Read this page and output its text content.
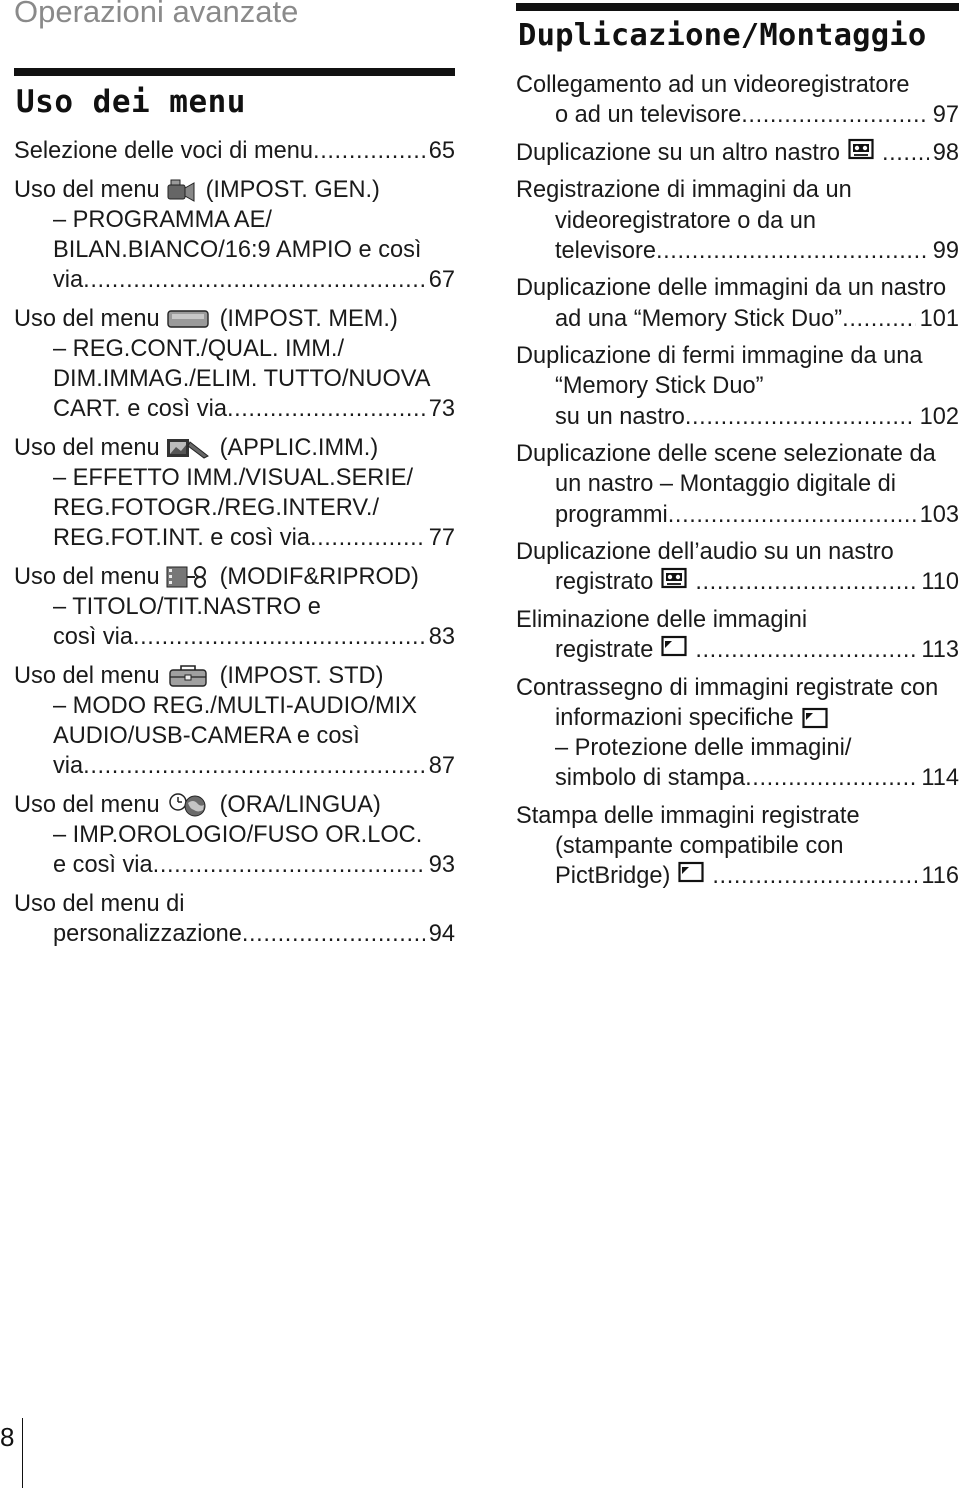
Operazioni avanzate
Uso dei menu
Selezione delle voci di menu .....	65
Uso del menu (IMPOST. GEN.)
– PROGRAMMA AE/
BILAN.BIANCO/16:9 AMPIO e così
via .....	67
Uso del menu	(IMPOST. MEM.)
– REG.CONT./QUAL. IMM./
DIM.IMMAG./ELIM. TUTTO/NUOVA
CART. e così via .....	73
Uso del menu	(APPLIC.IMM.)
– EFFETTO IMM./VISUAL.SERIE/
REG.FOTOGR./REG.INTERV./
REG.FOT.INT. e così via .....	77
Uso del menu	(MODIF&RIPROD)
– TITOLO/TIT.NASTRO e
così via .....	83
Uso del menu	(IMPOST. STD)
– MODO REG./MULTI-AUDIO/MIX
AUDIO/USB-CAMERA e così
via .....	87
Uso del menu	(ORA/LINGUA)
– IMP.OROLOGIO/FUSO OR.LOC.
e così via .....	93
Uso del menu di
personalizzazione .....	94
Duplicazione/Montaggio
Collegamento ad un videoregistratore
o ad un televisore .....	97
Duplicazione su un altro nastro .....	98
Registrazione di immagini da un
videoregistratore o da un
televisore .....	99
Duplicazione delle immagini da un nastro
ad una “Memory Stick Duo” .....	101
Duplicazione di fermi immagine da una
“Memory Stick Duo”
su un nastro .....	102
Duplicazione delle scene selezionate da
un nastro – Montaggio digitale di
programmi .....	103
Duplicazione dell’audio su un nastro
registrato .....	110
Eliminazione delle immagini
registrate .....	113
Contrassegno di immagini registrate con
informazioni specifiche
– Protezione delle immagini/
simbolo di stampa .....	114
Stampa delle immagini registrate
(stampante compatibile con
PictBridge) .....	116
8
